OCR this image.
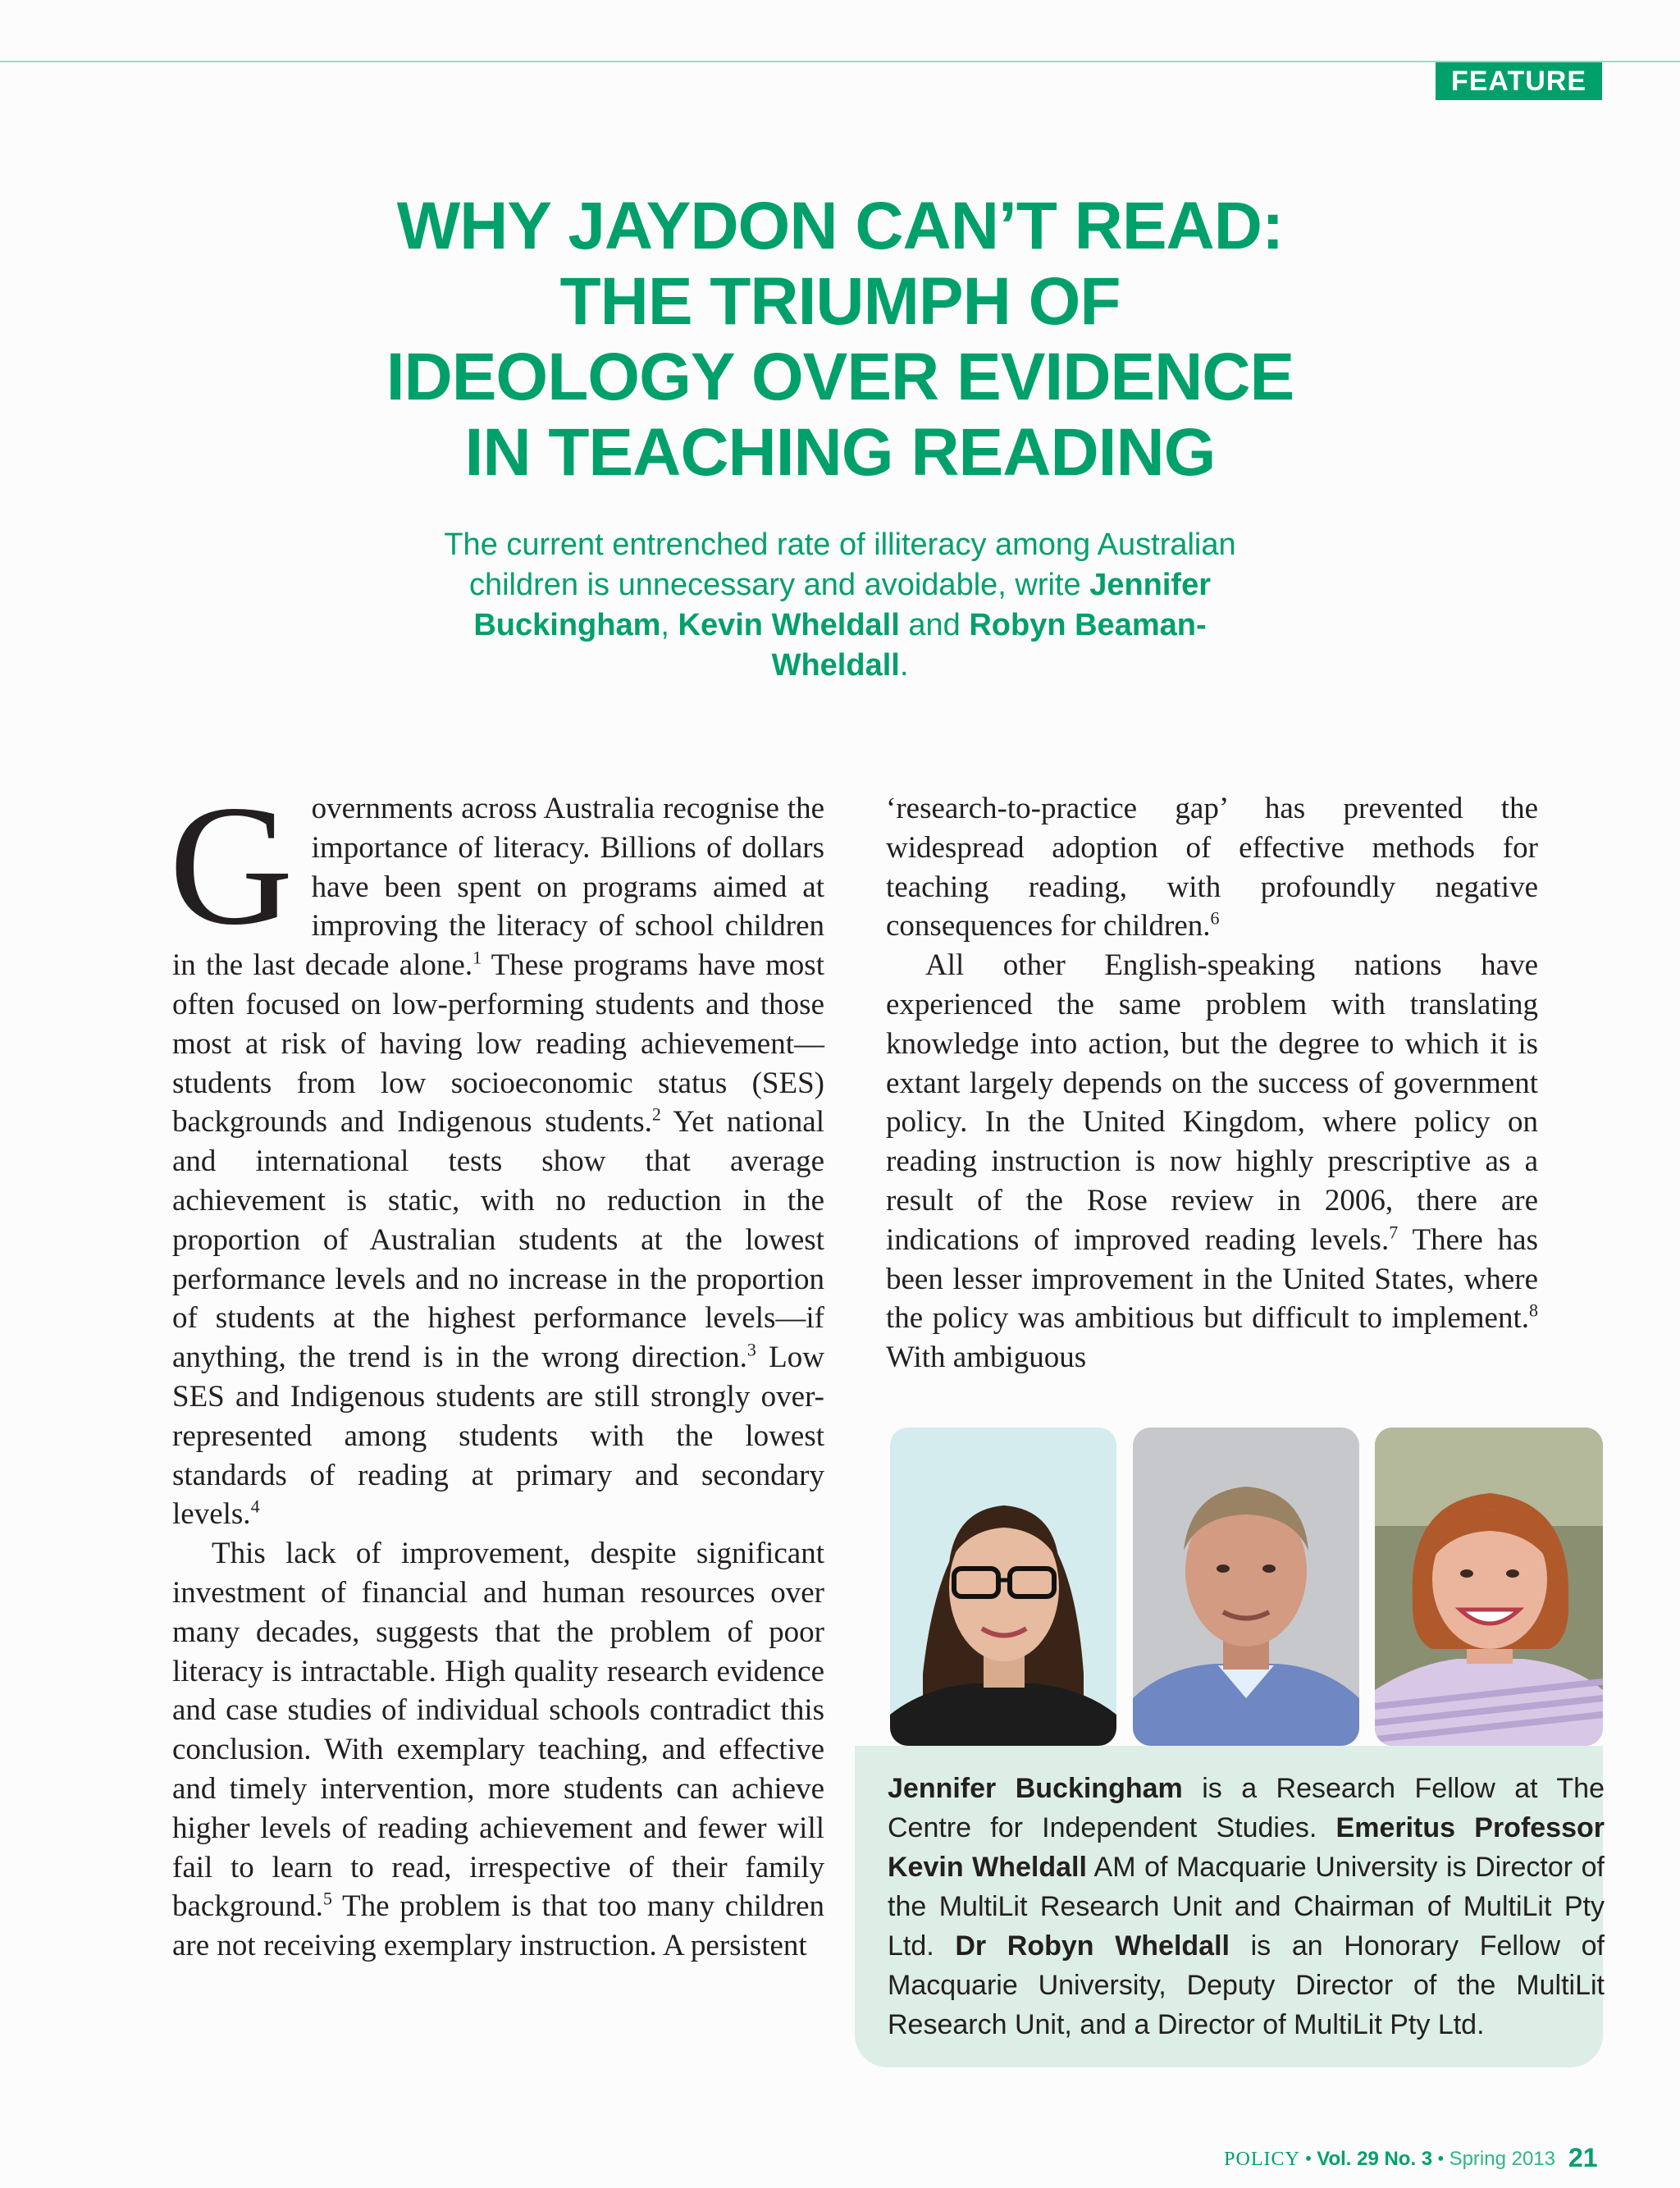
FEATURE
WHY JAYDON CAN’T READ:
THE TRIUMPH OF
IDEOLOGY OVER EVIDENCE
IN TEACHING READING
The current entrenched rate of illiteracy among Australian children is unnecessary and avoidable, write Jennifer Buckingham, Kevin Wheldall and Robyn Beaman-Wheldall.

Governments across Australia recognise the importance of literacy. Billions of dollars have been spent on programs aimed at improving the literacy of school children in the last decade alone.$^1$ These programs have most often focused on low-performing students and those most at risk of having low reading achievement—students from low socioeconomic status (SES) backgrounds and Indigenous students.$^2$ Yet national and international tests show that average achievement is static, with no reduction in the proportion of Australian students at the lowest performance levels and no increase in the proportion of students at the highest performance levels—if anything, the trend is in the wrong direction.$^3$ Low SES and Indigenous students are still strongly over-represented among students with the lowest standards of reading at primary and secondary levels.$^4$

This lack of improvement, despite significant investment of financial and human resources over many decades, suggests that the problem of poor literacy is intractable. High quality research evidence and case studies of individual schools contradict this conclusion. With exemplary teaching, and effective and timely intervention, more students can achieve higher levels of reading achievement and fewer will fail to learn to read, irrespective of their family background.$^5$ The problem is that too many children are not receiving exemplary instruction. A persistent

‘research-to-practice gap’ has prevented the widespread adoption of effective methods for teaching reading, with profoundly negative consequences for children.$^6$

All other English-speaking nations have experienced the same problem with translating knowledge into action, but the degree to which it is extant largely depends on the success of government policy. In the United Kingdom, where policy on reading instruction is now highly prescriptive as a result of the Rose review in 2006, there are indications of improved reading levels.$^7$ There has been lesser improvement in the United States, where the policy was ambitious but difficult to implement.$^8$ With ambiguous

Jennifer Buckingham is a Research Fellow at The Centre for Independent Studies. Emeritus Professor Kevin Wheldall AM of Macquarie University is Director of the MultiLit Research Unit and Chairman of MultiLit Pty Ltd. Dr Robyn Wheldall is an Honorary Fellow of Macquarie University, Deputy Director of the MultiLit Research Unit, and a Director of MultiLit Pty Ltd.

POLICY • Vol. 29 No. 3 • Spring 2013 21
